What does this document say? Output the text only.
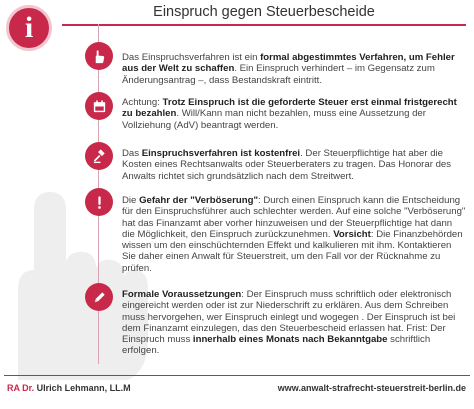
i	Einspruch gegen Steuerbescheide
Das Einspruchsverfahren ist ein formal abgestimmtes Verfahren, um Fehler aus der Welt zu schaffen. Ein Einspruch verhindert – im Gegensatz zum Änderungsantrag –, dass Bestandskraft eintritt.
Achtung: Trotz Einspruch ist die geforderte Steuer erst einmal fristgerecht zu bezahlen. Will/Kann man nicht bezahlen, muss eine Aussetzung der Vollziehung (AdV) beantragt werden.
Das Einspruchsverfahren ist kostenfrei. Der Steuerpflichtige hat aber die Kosten eines Rechtsanwalts oder Steuerberaters zu tragen. Das Honorar des Anwalts richtet sich grundsätzlich nach dem Streitwert.
Die Gefahr der "Verböserung": Durch einen Einspruch kann die Entscheidung für den Einspruchsführer auch schlechter werden. Auf eine solche "Verböserung" hat das Finanzamt aber vorher hinzuweisen und der Steuerpflichtige hat dann die Möglichkeit, den Einspruch zurückzunehmen. Vorsicht: Die Finanzbehörden wissen um den einschüchternden Effekt und kalkulieren mit ihm. Kontaktieren Sie daher einen Anwalt für Steuerstreit, um den Fall vor der Rücknahme zu prüfen.
Formale Voraussetzungen: Der Einspruch muss schriftlich oder elektronisch eingereicht werden oder ist zur Niederschrift zu erklären. Aus dem Schreiben muss hervorgehen, wer Einspruch einlegt und wogegen . Der Einspruch ist bei dem Finanzamt einzulegen, das den Steuerbescheid erlassen hat. Frist: Der Einspruch muss innerhalb eines Monats nach Bekanntgabe schriftlich erfolgen.
RA Dr. Ulrich Lehmann, LL.M	www.anwalt-strafrecht-steuerstreit-berlin.de
